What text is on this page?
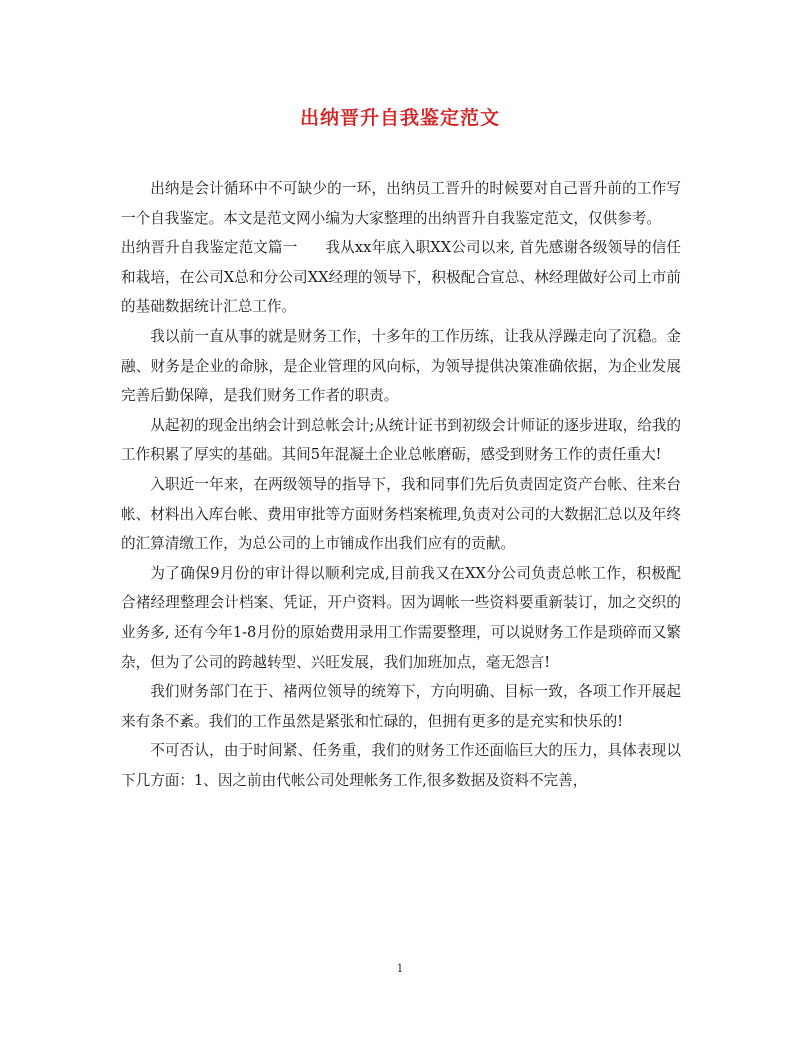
出纳晋升自我鉴定范文

出纳是会计循环中不可缺少的一环，出纳员工晋升的时候要对自己晋升前的工作写一个自我鉴定。本文是范文网小编为大家整理的出纳晋升自我鉴定范文，仅供参考。

出纳晋升自我鉴定范文篇一 我从xx年底入职XX公司以来, 首先感谢各级领导的信任和栽培，在公司X总和分公司XX经理的领导下，积极配合宣总、林经理做好公司上市前的基础数据统计汇总工作。

我以前一直从事的就是财务工作，十多年的工作历练，让我从浮躁走向了沉稳。金融、财务是企业的命脉，是企业管理的风向标，为领导提供决策准确依据，为企业发展完善后勤保障，是我们财务工作者的职责。

从起初的现金出纳会计到总帐会计;从统计证书到初级会计师证的逐步进取，给我的工作积累了厚实的基础。其间5年混凝土企业总帐磨砺，感受到财务工作的责任重大!

入职近一年来，在两级领导的指导下，我和同事们先后负责固定资产台帐、往来台帐、材料出入库台帐、费用审批等方面财务档案梳理,负责对公司的大数据汇总以及年终的汇算清缴工作，为总公司的上市铺成作出我们应有的贡献。

为了确保9月份的审计得以顺利完成,目前我又在XX分公司负责总帐工作，积极配合褚经理整理会计档案、凭证，开户资料。因为调帐一些资料要重新装订，加之交织的业务多, 还有今年1-8月份的原始费用录用工作需要整理，可以说财务工作是琐碎而又繁杂，但为了公司的跨越转型、兴旺发展，我们加班加点，毫无怨言!

我们财务部门在于、褚两位领导的统筹下，方向明确、目标一致，各项工作开展起来有条不紊。我们的工作虽然是紧张和忙碌的，但拥有更多的是充实和快乐的!

不可否认，由于时间紧、任务重，我们的财务工作还面临巨大的压力，具体表现以下几方面：1、因之前由代帐公司处理帐务工作,很多数据及资料不完善，

1
